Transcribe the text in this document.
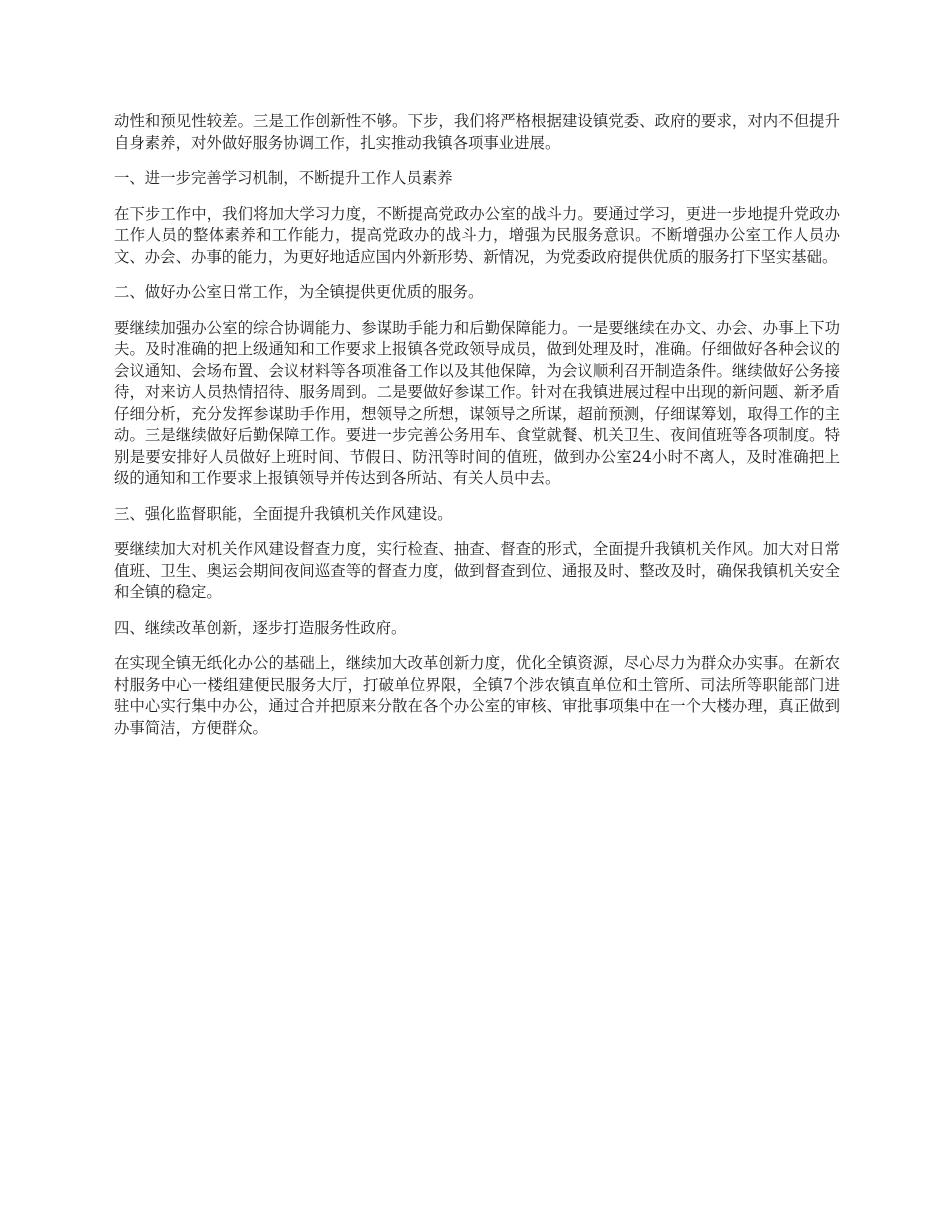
动性和预见性较差。三是工作创新性不够。下步，我们将严格根据建设镇党委、政府的要求，对内不但提升自身素养，对外做好服务协调工作，扎实推动我镇各项事业进展。

一、进一步完善学习机制，不断提升工作人员素养

在下步工作中，我们将加大学习力度，不断提高党政办公室的战斗力。要通过学习，更进一步地提升党政办工作人员的整体素养和工作能力，提高党政办的战斗力，增强为民服务意识。不断增强办公室工作人员办文、办会、办事的能力，为更好地适应国内外新形势、新情况，为党委政府提供优质的服务打下坚实基础。

二、做好办公室日常工作，为全镇提供更优质的服务。

要继续加强办公室的综合协调能力、参谋助手能力和后勤保障能力。一是要继续在办文、办会、办事上下功夫。及时准确的把上级通知和工作要求上报镇各党政领导成员，做到处理及时，准确。仔细做好各种会议的会议通知、会场布置、会议材料等各项准备工作以及其他保障，为会议顺利召开制造条件。继续做好公务接待，对来访人员热情招待、服务周到。二是要做好参谋工作。针对在我镇进展过程中出现的新问题、新矛盾仔细分析，充分发挥参谋助手作用，想领导之所想，谋领导之所谋，超前预测，仔细谋筹划，取得工作的主动。三是继续做好后勤保障工作。要进一步完善公务用车、食堂就餐、机关卫生、夜间值班等各项制度。特别是要安排好人员做好上班时间、节假日、防汛等时间的值班，做到办公室24小时不离人，及时准确把上级的通知和工作要求上报镇领导并传达到各所站、有关人员中去。

三、强化监督职能，全面提升我镇机关作风建设。

要继续加大对机关作风建设督查力度，实行检查、抽查、督查的形式，全面提升我镇机关作风。加大对日常值班、卫生、奥运会期间夜间巡查等的督查力度，做到督查到位、通报及时、整改及时，确保我镇机关安全和全镇的稳定。

四、继续改革创新，逐步打造服务性政府。

在实现全镇无纸化办公的基础上，继续加大改革创新力度，优化全镇资源，尽心尽力为群众办实事。在新农村服务中心一楼组建便民服务大厅，打破单位界限，全镇7个涉农镇直单位和土管所、司法所等职能部门进驻中心实行集中办公，通过合并把原来分散在各个办公室的审核、审批事项集中在一个大楼办理，真正做到办事简洁，方便群众。
